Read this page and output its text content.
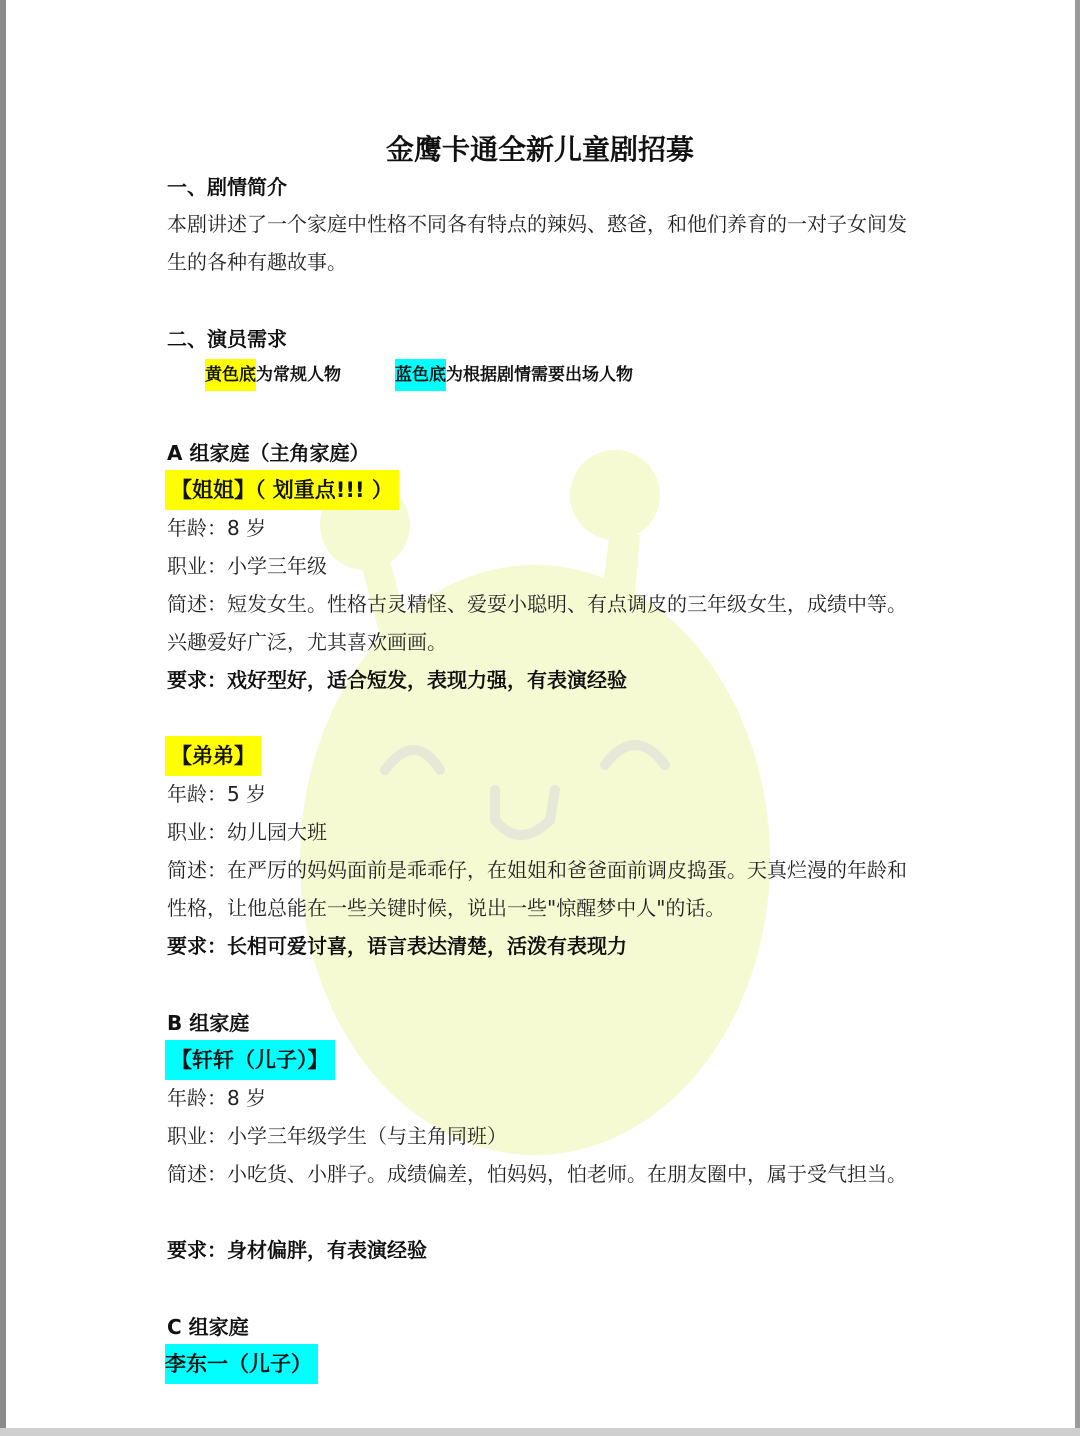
金鹰卡通全新儿童剧招募
一、剧情简介
本剧讲述了一个家庭中性格不同各有特点的辣妈、憨爸，和他们养育的一对子女间发生的各种有趣故事。
二、演员需求
黄色底为常规人物	蓝色底为根据剧情需要出场人物
A 组家庭（主角家庭）
【姐姐】（ 划重点!!! ）
年龄：8 岁
职业：小学三年级
简述：短发女生。性格古灵精怪、爱耍小聪明、有点调皮的三年级女生，成绩中等。兴趣爱好广泛，尤其喜欢画画。
要求：戏好型好，适合短发，表现力强，有表演经验
【弟弟】
年龄：5 岁
职业：幼儿园大班
简述：在严厉的妈妈面前是乖乖仔，在姐姐和爸爸面前调皮捣蛋。天真烂漫的年龄和性格，让他总能在一些关键时候，说出一些"惊醒梦中人"的话。
要求：长相可爱讨喜，语言表达清楚，活泼有表现力
B 组家庭
【轩轩（儿子）】
年龄：8 岁
职业：小学三年级学生（与主角同班）
简述：小吃货、小胖子。成绩偏差，怕妈妈，怕老师。在朋友圈中，属于受气担当。
要求：身材偏胖，有表演经验
C 组家庭
李东一（儿子）
